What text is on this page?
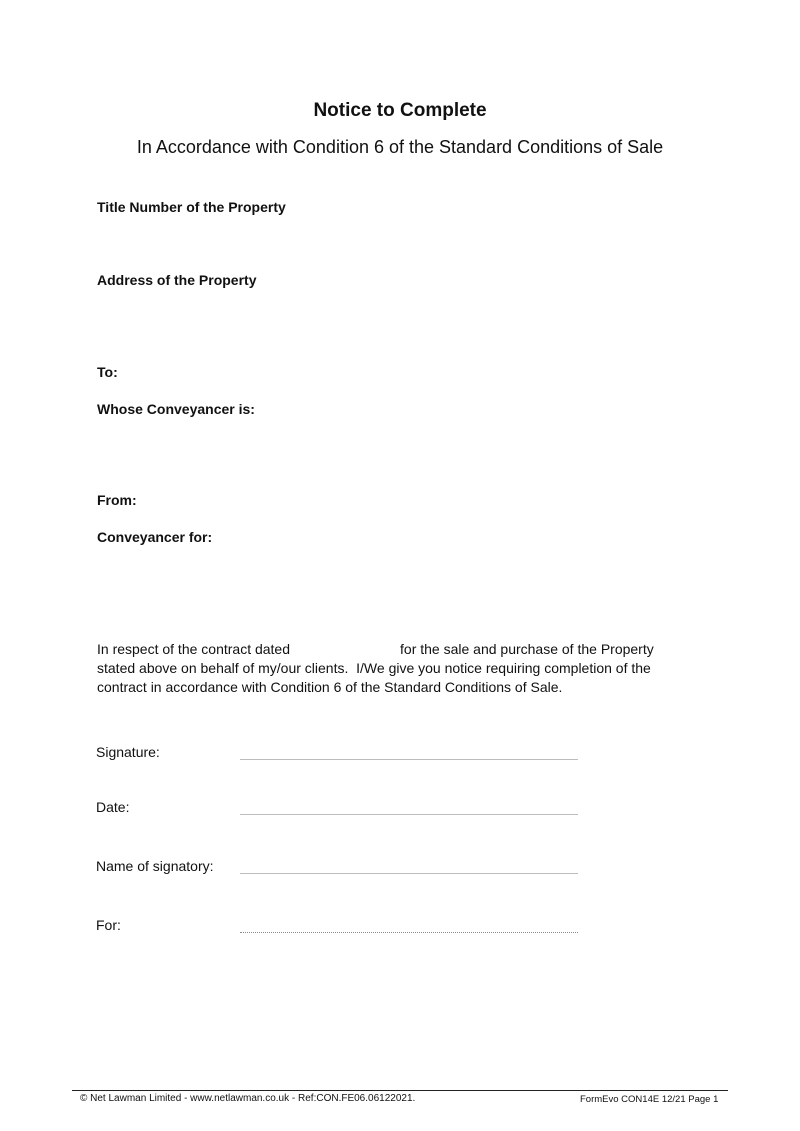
Notice to Complete
In Accordance with Condition 6 of the Standard Conditions of Sale
Title Number of the Property
Address of the Property
To:
Whose Conveyancer is:
From:
Conveyancer for:
In respect of the contract dated	for the sale and purchase of the Property
stated above on behalf of my/our clients.  I/We give you notice requiring completion of the
contract in accordance with Condition 6 of the Standard Conditions of Sale.
Signature:
Date:
Name of signatory:
For:
© Net Lawman Limited - www.netlawman.co.uk - Ref:CON.FE06.06122021.	FormEvo CON14E 12/21 Page 1
